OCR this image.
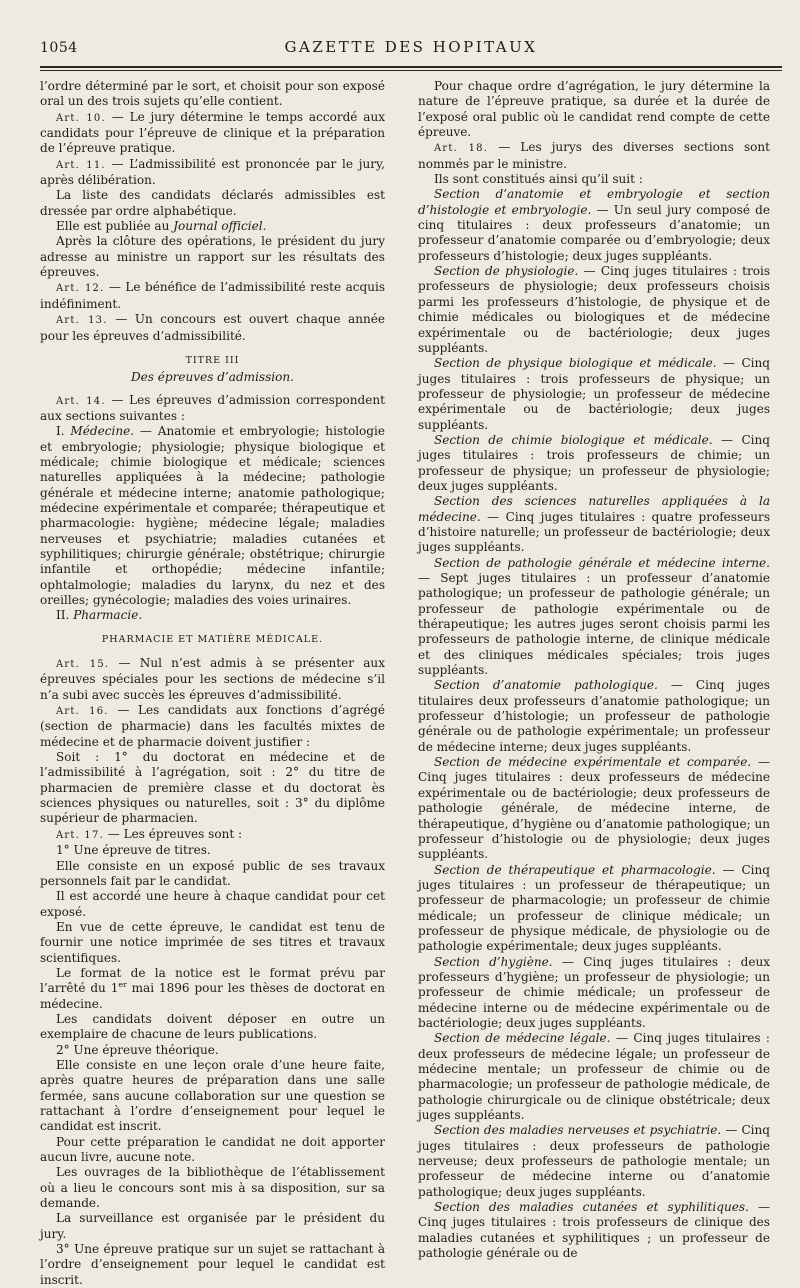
1054	GAZETTE DES HOPITAUX

l’ordre déterminé par le sort, et choisit pour son exposé oral un des trois sujets qu’elle contient.

Art. 10. — Le jury détermine le temps accordé aux candidats pour l’épreuve de clinique et la préparation de l’épreuve pratique.

Art. 11. — L’admissibilité est prononcée par le jury, après délibération.

La liste des candidats déclarés admissibles est dressée par ordre alphabétique.

Elle est publiée au Journal officiel.

Après la clôture des opérations, le président du jury adresse au ministre un rapport sur les résultats des épreuves.

Art. 12. — Le bénéfice de l’admissibilité reste acquis indéfiniment.

Art. 13. — Un concours est ouvert chaque année pour les épreuves d’admissibilité.

TITRE III
Des épreuves d’admission.

Art. 14. — Les épreuves d’admission correspondent aux sections suivantes :

I. Médecine. — Anatomie et embryologie; histologie et embryologie; physiologie; physique biologique et médicale; chimie biologique et médicale; sciences naturelles appliquées à la médecine; pathologie générale et médecine interne; anatomie pathologique; médecine expérimentale et comparée; thérapeutique et pharmacologie: hygiène; médecine légale; maladies nerveuses et psychiatrie; maladies cutanées et syphilitiques; chirurgie générale; obstétrique; chirurgie infantile et orthopédie; médecine infantile; ophtalmologie; maladies du larynx, du nez et des oreilles; gynécologie; maladies des voies urinaires.

II. Pharmacie.

PHARMACIE ET MATIÈRE MÉDICALE.

Art. 15. — Nul n’est admis à se présenter aux épreuves spéciales pour les sections de médecine s’il n’a subi avec succès les épreuves d’admissibilité.

Art. 16. — Les candidats aux fonctions d’agrégé (section de pharmacie) dans les facultés mixtes de médecine et de pharmacie doivent justifier :

Soit : 1° du doctorat en médecine et de l’admissibilité à l’agrégation, soit : 2° du titre de pharmacien de première classe et du doctorat ès sciences physiques ou naturelles, soit : 3° du diplôme supérieur de pharmacien.

Art. 17. — Les épreuves sont :

1° Une épreuve de titres.

Elle consiste en un exposé public de ses travaux personnels fait par le candidat.

Il est accordé une heure à chaque candidat pour cet exposé.

En vue de cette épreuve, le candidat est tenu de fournir une notice imprimée de ses titres et travaux scientifiques.

Le format de la notice est le format prévu par l’arrêté du 1er mai 1896 pour les thèses de doctorat en médecine.

Les candidats doivent déposer en outre un exemplaire de chacune de leurs publications.

2° Une épreuve théorique.

Elle consiste en une leçon orale d’une heure faite, après quatre heures de préparation dans une salle fermée, sans aucune collaboration sur une question se rattachant à l’ordre d’enseignement pour lequel le candidat est inscrit.

Pour cette préparation le candidat ne doit apporter aucun livre, aucune note.

Les ouvrages de la bibliothèque de l’établissement où a lieu le concours sont mis à sa disposition, sur sa demande.

La surveillance est organisée par le président du jury.

3° Une épreuve pratique sur un sujet se rattachant à l’ordre d’enseignement pour lequel le candidat est inscrit.

Pour chaque ordre d’agrégation, le jury détermine la nature de l’épreuve pratique, sa durée et la durée de l’exposé oral public où le candidat rend compte de cette épreuve.

Art. 18. — Les jurys des diverses sections sont nommés par le ministre.

Ils sont constitués ainsi qu’il suit :

Section d’anatomie et embryologie et section d’histologie et embryologie. — Un seul jury composé de cinq titulaires : deux professeurs d’anatomie; un professeur d’anatomie comparée ou d’embryologie; deux professeurs d’histologie; deux juges suppléants.

Section de physiologie. — Cinq juges titulaires : trois professeurs de physiologie; deux professeurs choisis parmi les professeurs d’histologie, de physique et de chimie médicales ou biologiques et de médecine expérimentale ou de bactériologie; deux juges suppléants.

Section de physique biologique et médicale. — Cinq juges titulaires : trois professeurs de physique; un professeur de physiologie; un professeur de médecine expérimentale ou de bactériologie; deux juges suppléants.

Section de chimie biologique et médicale. — Cinq juges titulaires : trois professeurs de chimie; un professeur de physique; un professeur de physiologie; deux juges suppléants.

Section des sciences naturelles appliquées à la médecine. — Cinq juges titulaires : quatre professeurs d’histoire naturelle; un professeur de bactériologie; deux juges suppléants.

Section de pathologie générale et médecine interne. — Sept juges titulaires : un professeur d’anatomie pathologique; un professeur de pathologie générale; un professeur de pathologie expérimentale ou de thérapeutique; les autres juges seront choisis parmi les professeurs de pathologie interne, de clinique médicale et des cliniques médicales spéciales; trois juges suppléants.

Section d’anatomie pathologique. — Cinq juges titulaires deux professeurs d’anatomie pathologique; un professeur d’histologie; un professeur de pathologie générale ou de pathologie expérimentale; un professeur de médecine interne; deux juges suppléants.

Section de médecine expérimentale et comparée. — Cinq juges titulaires : deux professeurs de médecine expérimentale ou de bactériologie; deux professeurs de pathologie générale, de médecine interne, de thérapeutique, d’hygiène ou d’anatomie pathologique; un professeur d’histologie ou de physiologie; deux juges suppléants.

Section de thérapeutique et pharmacologie. — Cinq juges titulaires : un professeur de thérapeutique; un professeur de pharmacologie; un professeur de chimie médicale; un professeur de clinique médicale; un professeur de physique médicale, de physiologie ou de pathologie expérimentale; deux juges suppléants.

Section d’hygiène. — Cinq juges titulaires : deux professeurs d’hygiène; un professeur de physiologie; un professeur de chimie médicale; un professeur de médecine interne ou de médecine expérimentale ou de bactériologie; deux juges suppléants.

Section de médecine légale. — Cinq juges titulaires : deux professeurs de médecine légale; un professeur de médecine mentale; un professeur de chimie ou de pharmacologie; un professeur de pathologie médicale, de pathologie chirurgicale ou de clinique obstétricale; deux juges suppléants.

Section des maladies nerveuses et psychiatrie. — Cinq juges titulaires : deux professeurs de pathologie nerveuse; deux professeurs de pathologie mentale; un professeur de médecine interne ou d’anatomie pathologique; deux juges suppléants.

Section des maladies cutanées et syphilitiques. — Cinq juges titulaires : trois professeurs de clinique des maladies cutanées et syphilitiques ; un professeur de pathologie générale ou de
